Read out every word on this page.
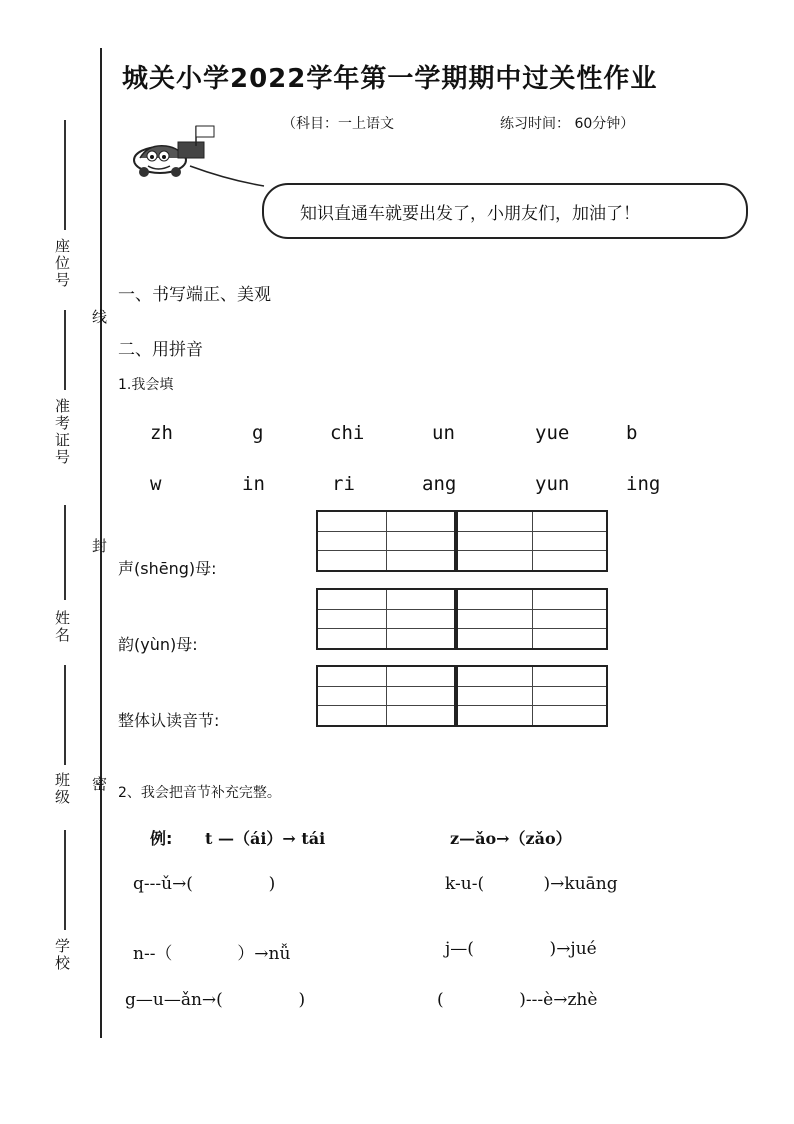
座位号
准考证号
姓名
班级
学校
线
封
密
城关小学2022学年第一学期期中过关性作业
（科目：一上语文	练习时间： 60分钟）
知识直通车就要出发了，小朋友们，加油了！
一、书写端正、美观
二、用拼音
1.我会填
zh	g	chi	un	yue	b
w	in	ri	ang	yun	ing
声(shēng)母:
韵(yùn)母:
整体认读音节:
2、我会把音节补充完整。
例: t —（ái）→ tái	z—ǎo→（zǎo）
q---ǔ→(              )	k-u-(           )→kuāng
n--（            ）→nǚ	j—(              )→jué
g—u—ǎn→(              )	(              )---è→zhè
